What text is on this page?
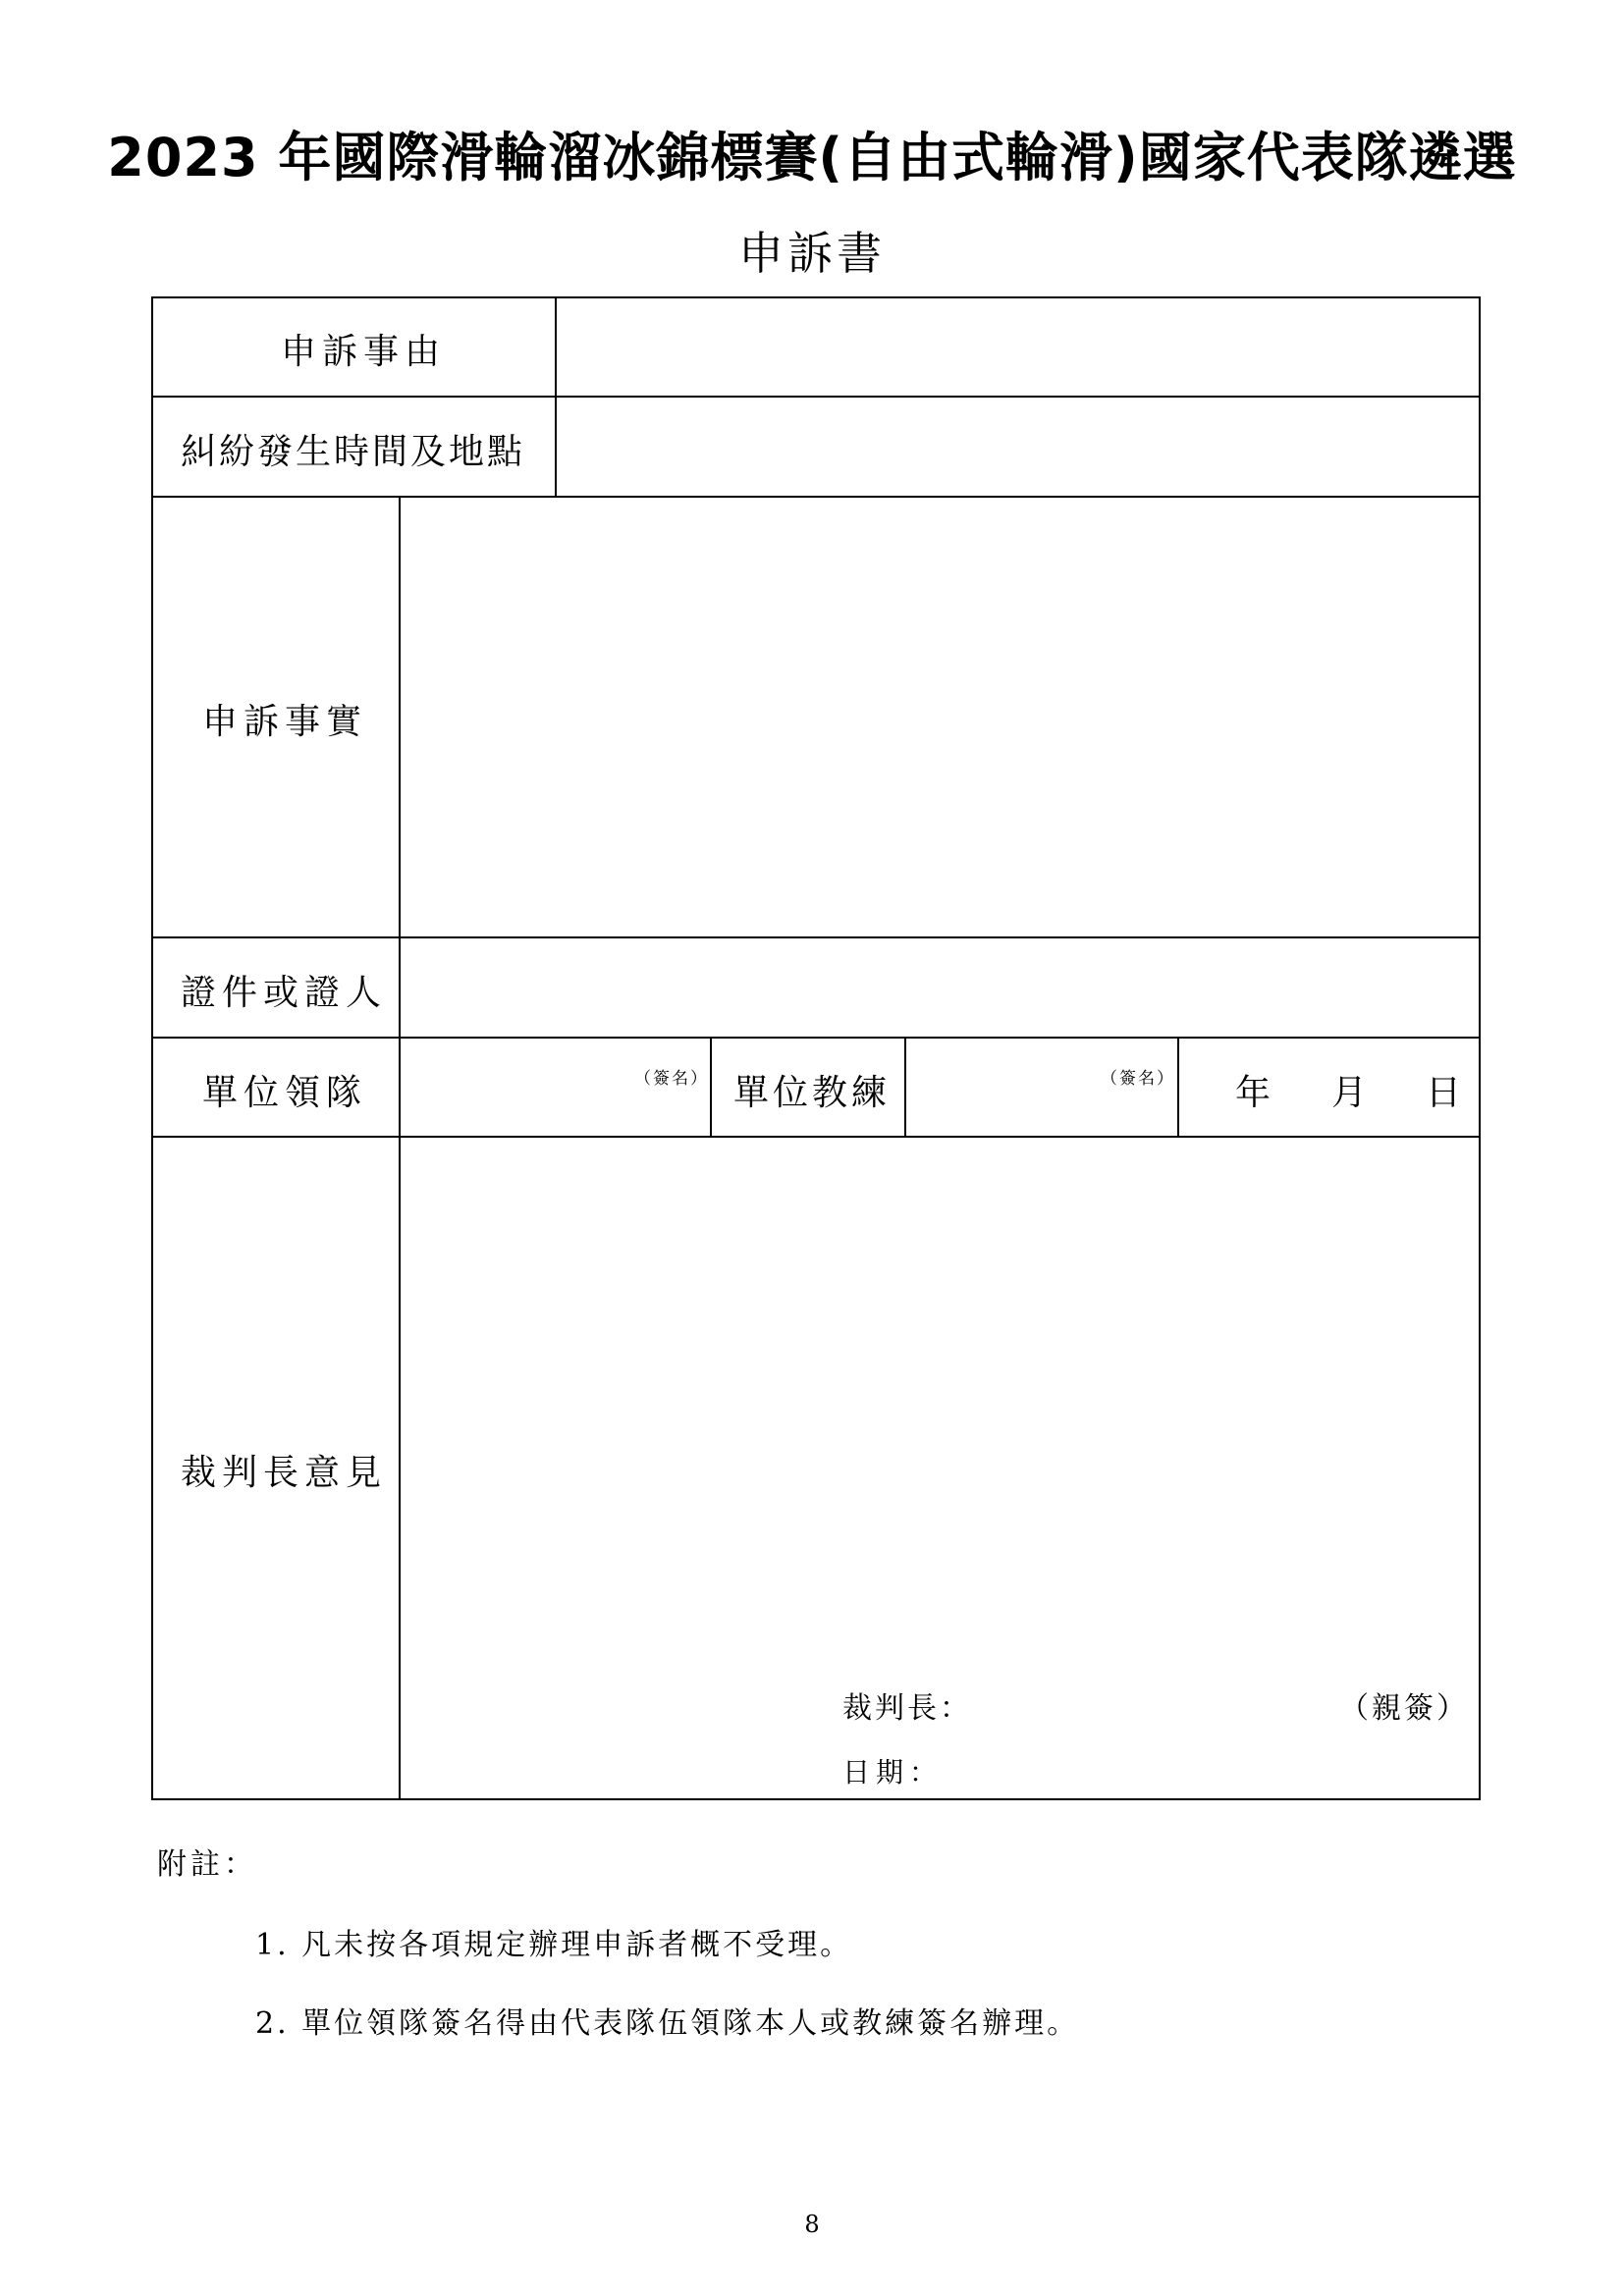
2023 年國際滑輪溜冰錦標賽(自由式輪滑)國家代表隊遴選
申訴書
申訴事由
糾紛發生時間及地點
申訴事實
證件或證人
單位領隊	（簽名） 單位教練	（簽名） 年 月 日
裁判長意見
裁判長：	（親簽）
日期：
附註：
1. 凡未按各項規定辦理申訴者概不受理。
2. 單位領隊簽名得由代表隊伍領隊本人或教練簽名辦理。
8
